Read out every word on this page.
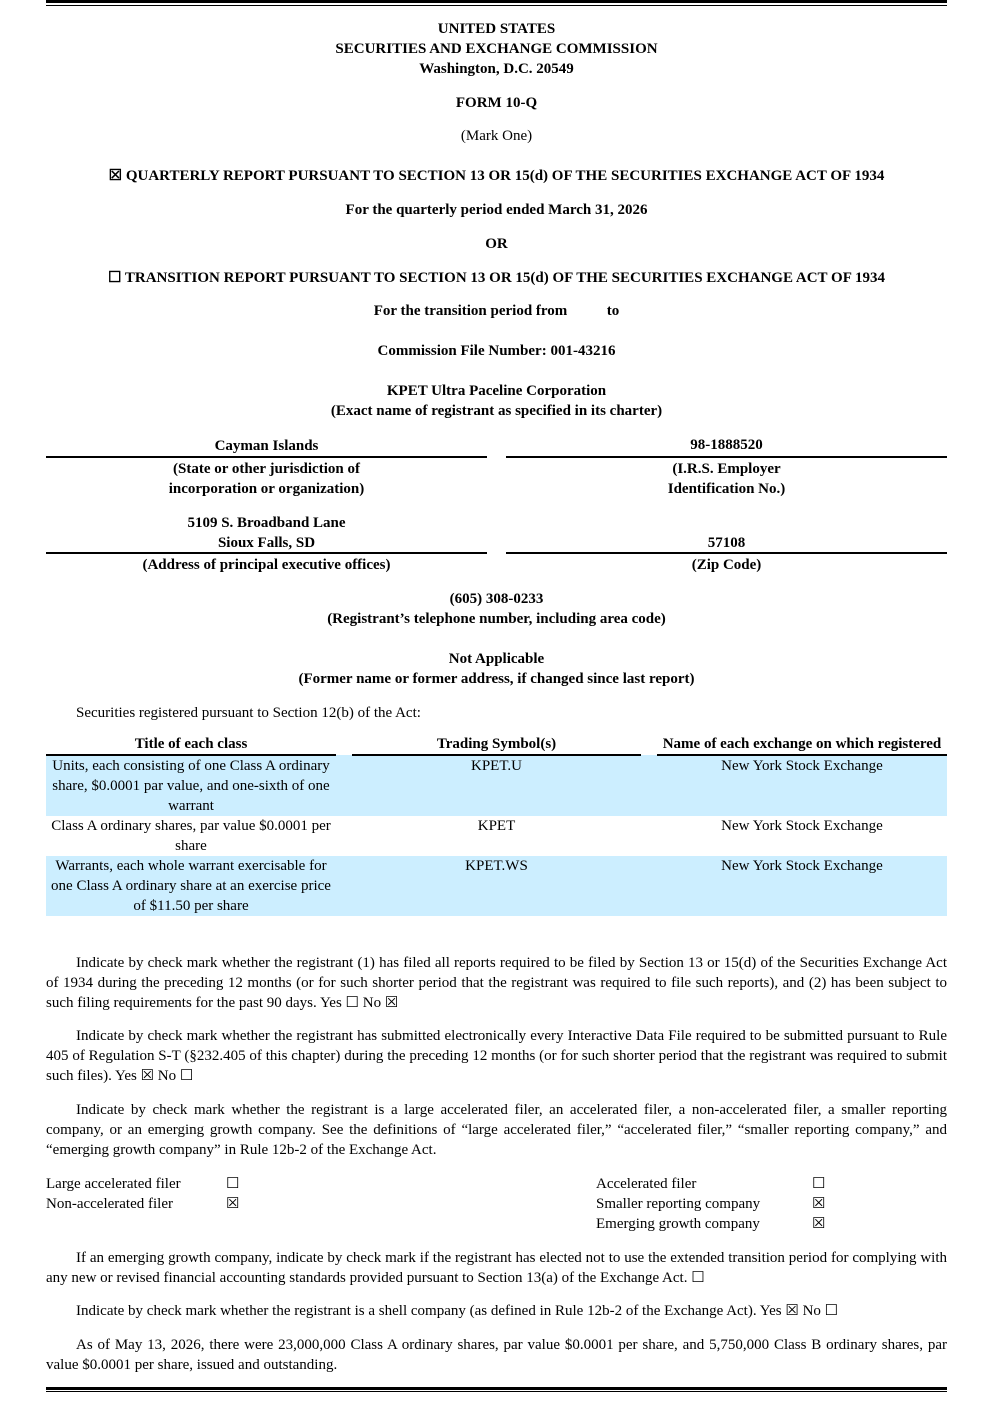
UNITED STATES
SECURITIES AND EXCHANGE COMMISSION
Washington, D.C. 20549
FORM 10-Q
(Mark One)
☒ QUARTERLY REPORT PURSUANT TO SECTION 13 OR 15(d) OF THE SECURITIES EXCHANGE ACT OF 1934
For the quarterly period ended March 31, 2026
OR
☐ TRANSITION REPORT PURSUANT TO SECTION 13 OR 15(d) OF THE SECURITIES EXCHANGE ACT OF 1934
For the transition period from	to
Commission File Number: 001-43216
KPET Ultra Paceline Corporation
(Exact name of registrant as specified in its charter)
Cayman Islands	98-1888520
(State or other jurisdiction of
incorporation or organization)
(I.R.S. Employer
Identification No.)
5109 S. Broadband Lane
Sioux Falls, SD	57108
(Address of principal executive offices)	(Zip Code)
(605) 308-0233
(Registrant’s telephone number, including area code)
Not Applicable
(Former name or former address, if changed since last report)
Securities registered pursuant to Section 12(b) of the Act:
Title of each class		Trading Symbol(s)		Name of each exchange on which registered
Units, each consisting of one Class A ordinary share, $0.0001 par value, and one-sixth of one warrant		KPET.U		New York Stock Exchange
Class A ordinary shares, par value $0.0001 per share		KPET		New York Stock Exchange
Warrants, each whole warrant exercisable for one Class A ordinary share at an exercise price of $11.50 per share		KPET.WS		New York Stock Exchange
Indicate by check mark whether the registrant (1) has filed all reports required to be filed by Section 13 or 15(d) of the Securities Exchange Act of 1934 during the preceding 12 months (or for such shorter period that the registrant was required to file such reports), and (2) has been subject to such filing requirements for the past 90 days. Yes ☐ No ☒
Indicate by check mark whether the registrant has submitted electronically every Interactive Data File required to be submitted pursuant to Rule 405 of Regulation S-T (§232.405 of this chapter) during the preceding 12 months (or for such shorter period that the registrant was required to submit such files). Yes ☒ No ☐
Indicate by check mark whether the registrant is a large accelerated filer, an accelerated filer, a non-accelerated filer, a smaller reporting company, or an emerging growth company. See the definitions of “large accelerated filer,” “accelerated filer,” “smaller reporting company,” and “emerging growth company” in Rule 12b-2 of the Exchange Act.
Large accelerated filer	☐
Non-accelerated filer	☒
Accelerated filer	☐
Smaller reporting company	☒
Emerging growth company	☒
If an emerging growth company, indicate by check mark if the registrant has elected not to use the extended transition period for complying with any new or revised financial accounting standards provided pursuant to Section 13(a) of the Exchange Act. ☐
Indicate by check mark whether the registrant is a shell company (as defined in Rule 12b-2 of the Exchange Act). Yes ☒ No ☐
As of May 13, 2026, there were 23,000,000 Class A ordinary shares, par value $0.0001 per share, and 5,750,000 Class B ordinary shares, par value $0.0001 per share, issued and outstanding.
